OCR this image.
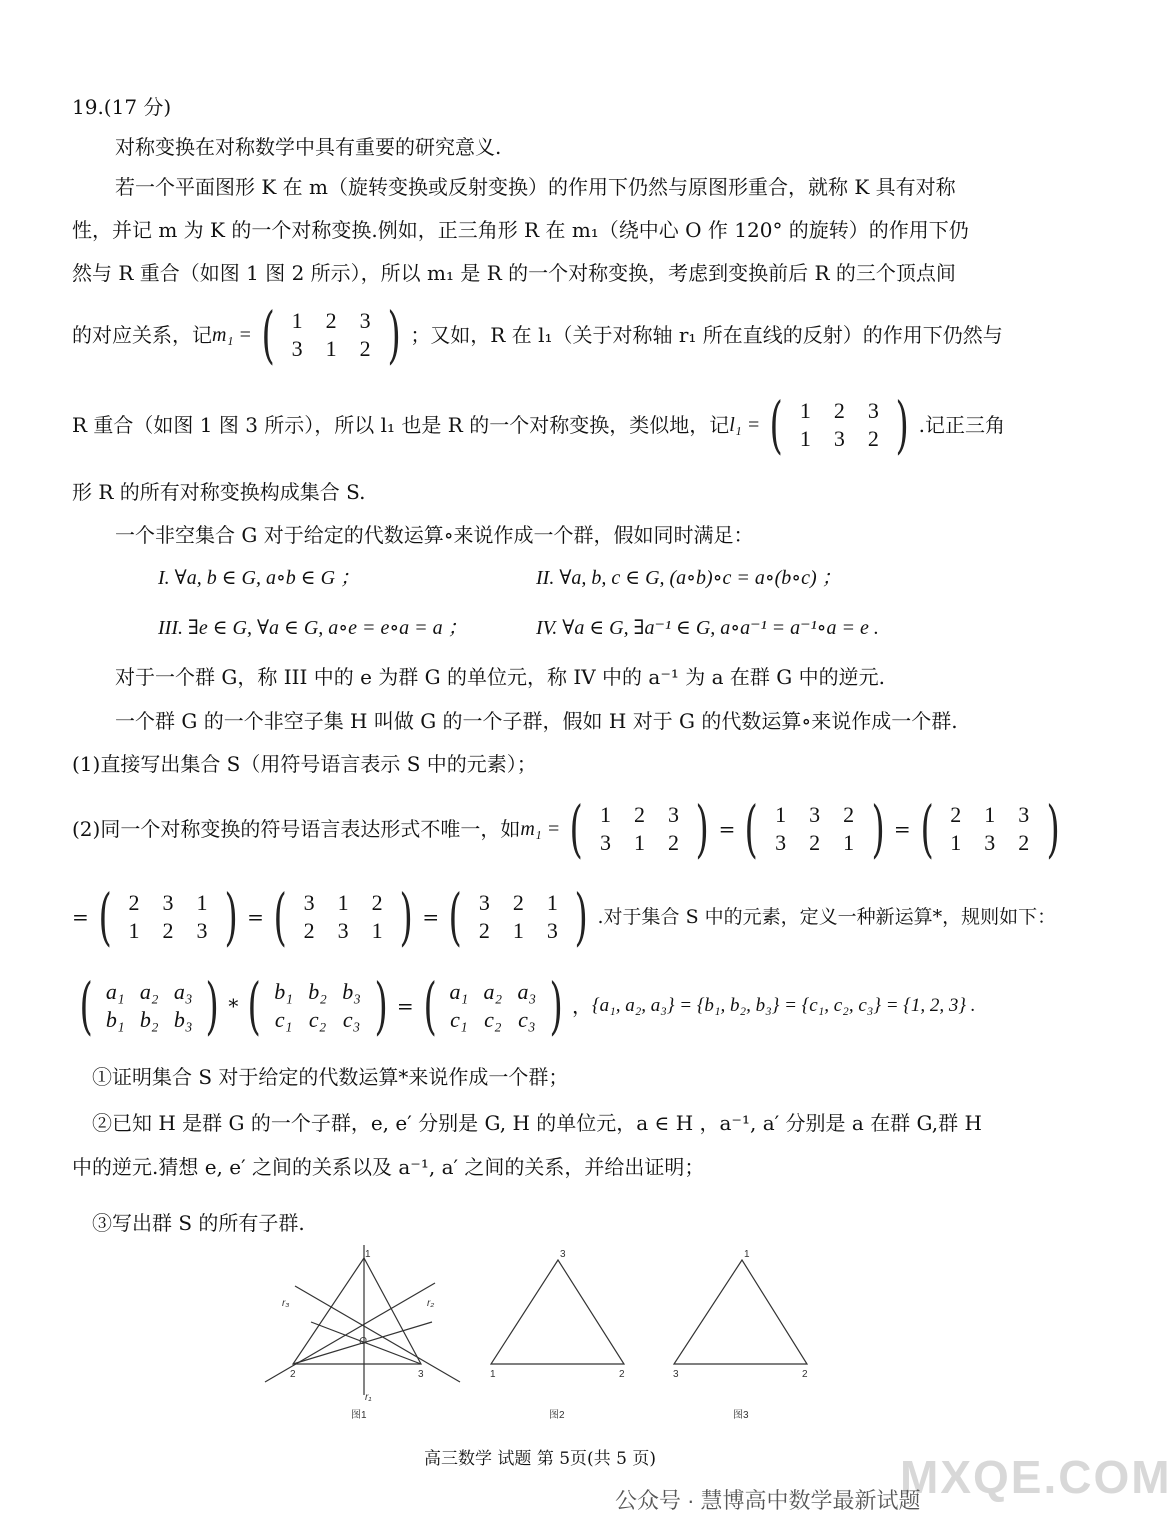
19.(17 分)
对称变换在对称数学中具有重要的研究意义.
若一个平面图形 K 在 m（旋转变换或反射变换）的作用下仍然与原图形重合，就称 K 具有对称
性，并记 m 为 K 的一个对称变换.例如，正三角形 R 在 m₁（绕中心 O 作 120° 的旋转）的作用下仍
然与 R 重合（如图 1 图 2 所示），所以 m₁ 是 R 的一个对称变换，考虑到变换前后 R 的三个顶点间
的对应关系，记 m₁ = ( 1	2	3
3	1	2 ) ；又如，R 在 l₁（关于对称轴 r₁ 所在直线的反射）的作用下仍然与
R 重合（如图 1 图 3 所示），所以 l₁ 也是 R 的一个对称变换，类似地，记 l₁ = ( 1	2	3
1	3	2 ) .记正三角
形 R 的所有对称变换构成集合 S.
一个非空集合 G 对于给定的代数运算∘来说作成一个群，假如同时满足：
I. ∀a, b ∈ G, a∘b ∈ G ；	II. ∀a, b, c ∈ G, (a∘b)∘c = a∘(b∘c) ；
III. ∃e ∈ G, ∀a ∈ G, a∘e = e∘a = a ；	IV. ∀a ∈ G, ∃a⁻¹ ∈ G, a∘a⁻¹ = a⁻¹∘a = e .
对于一个群 G，称 III 中的 e 为群 G 的单位元，称 IV 中的 a⁻¹ 为 a 在群 G 中的逆元.
一个群 G 的一个非空子集 H 叫做 G 的一个子群，假如 H 对于 G 的代数运算∘来说作成一个群.
(1)直接写出集合 S（用符号语言表示 S 中的元素）；
(2)同一个对称变换的符号语言表达形式不唯一，如 m₁ = ( 1	2	3
3	1	2 ) = ( 1	3	2
3	2	1 ) = ( 2	1	3
1	3	2 )
= ( 2	3	1
1	2	3 ) = ( 3	1	2
2	3	1 ) = ( 3	2	1
2	1	3 ) .对于集合 S 中的元素，定义一种新运算*，规则如下：
( a₁ a₂ a₃
b₁ b₂ b₃ ) * ( b₁ b₂ b₃
c₁ c₂ c₃ ) = ( a₁ a₂ a₃
c₁ c₂ c₃ ) ， {a₁, a₂, a₃} = {b₁, b₂, b₃} = {c₁, c₂, c₃} = {1, 2, 3} .
①证明集合 S 对于给定的代数运算*来说作成一个群；
②已知 H 是群 G 的一个子群，e, e′ 分别是 G, H 的单位元，a ∈ H ，a⁻¹, a′ 分别是 a 在群 G,群 H
中的逆元.猜想 e, e′ 之间的关系以及 a⁻¹, a′ 之间的关系，并给出证明；
③写出群 S 的所有子群.
1
2	3
O
r₁
r₂
r₃
图1
3
1	2
图2
1
3	2
图3
高三数学 试题 第 5页(共 5 页)	MXQE.COM
公众号 · 慧博高中数学最新试题
